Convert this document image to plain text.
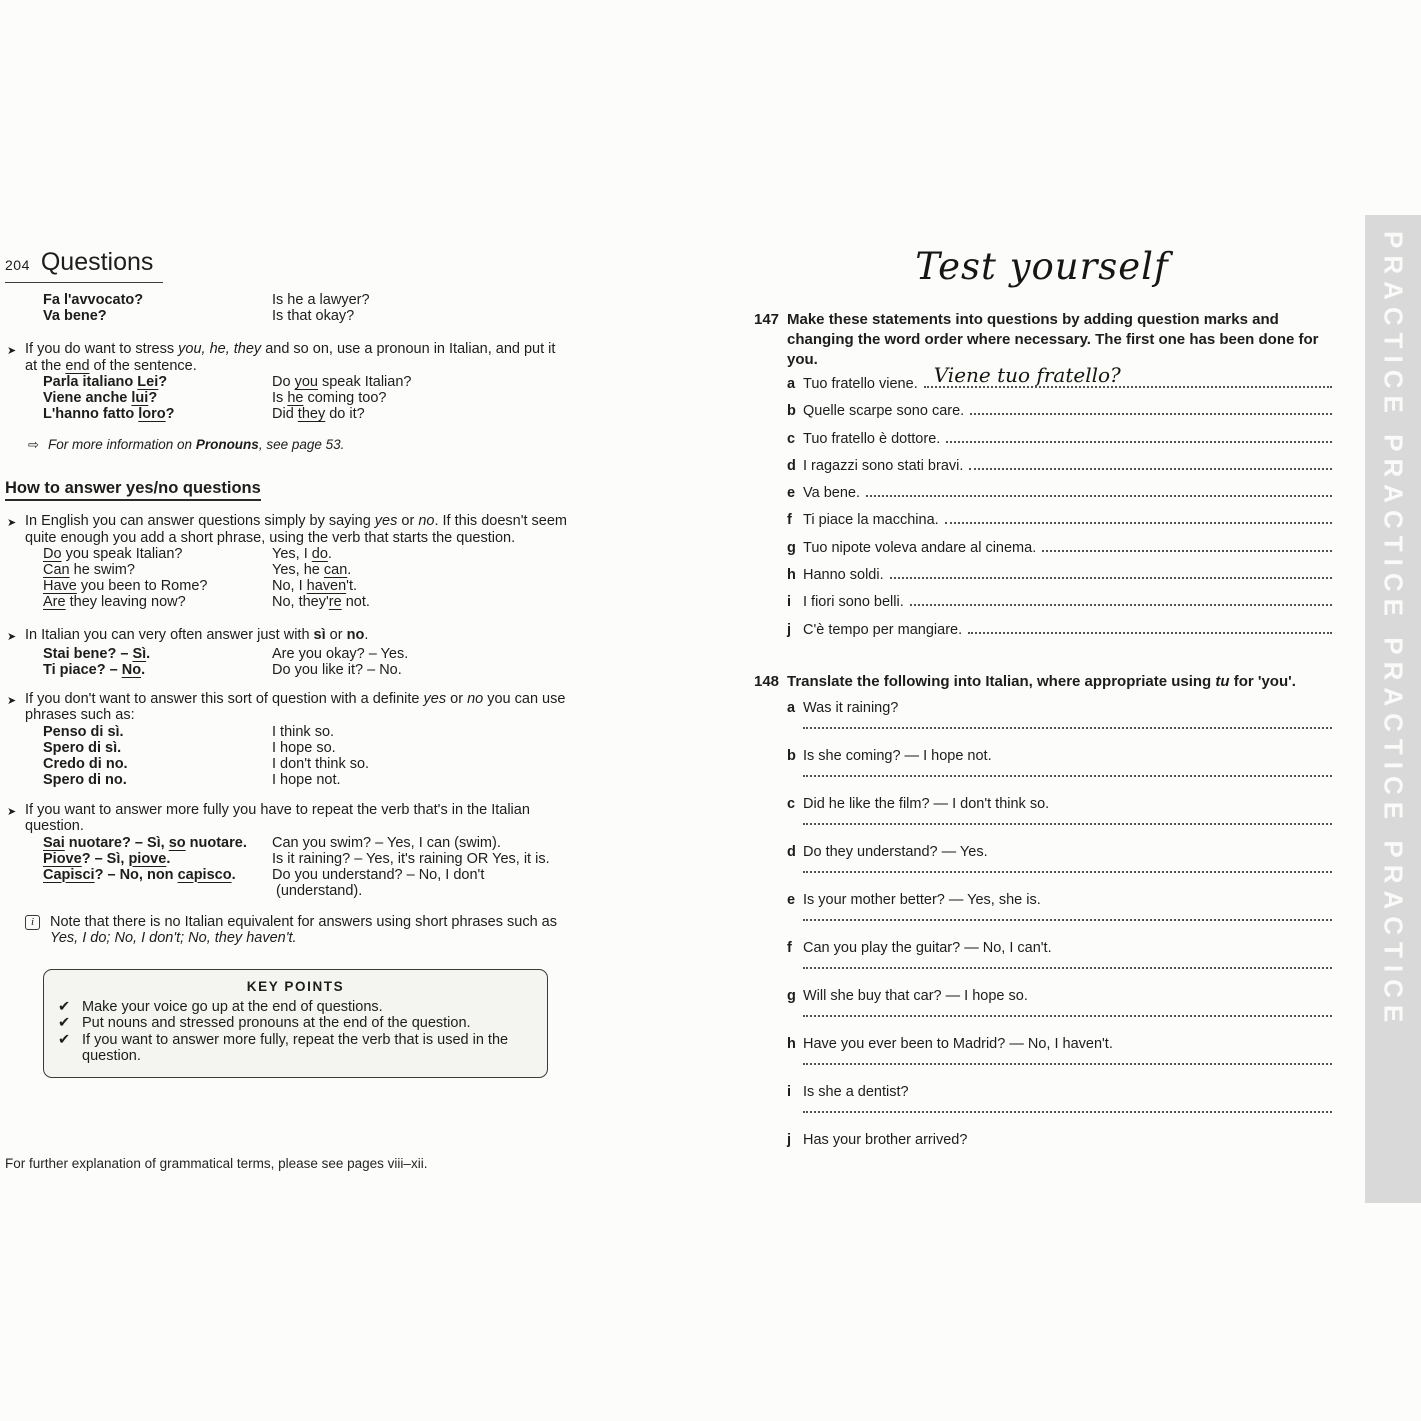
204 Questions
Fa l'avvocato?	Is he a lawyer?
Va bene?	Is that okay?
➤ If you do want to stress you, he, they and so on, use a pronoun in Italian, and put it at the end of the sentence.
Parla italiano Lei?	Do you speak Italian?
Viene anche lui?	Is he coming too?
L'hanno fatto loro?	Did they do it?
⇨ For more information on Pronouns, see page 53.
How to answer yes/no questions
➤ In English you can answer questions simply by saying yes or no. If this doesn't seem quite enough you add a short phrase, using the verb that starts the question.
Do you speak Italian?	Yes, I do.
Can he swim?	Yes, he can.
Have you been to Rome?	No, I haven't.
Are they leaving now?	No, they're not.
➤ In Italian you can very often answer just with sì or no.
Stai bene? – Sì.	Are you okay? – Yes.
Ti piace? – No.	Do you like it? – No.
➤ If you don't want to answer this sort of question with a definite yes or no you can use phrases such as:
Penso di sì.	I think so.
Spero di sì.	I hope so.
Credo di no.	I don't think so.
Spero di no.	I hope not.
➤ If you want to answer more fully you have to repeat the verb that's in the Italian question.
Sai nuotare? – Sì, so nuotare.	Can you swim? – Yes, I can (swim).
Piove? – Sì, piove.	Is it raining? – Yes, it's raining OR Yes, it is.
Capisci? – No, non capisco.	Do you understand? – No, I don't
(understand).
i	Note that there is no Italian equivalent for answers using short phrases such as Yes, I do; No, I don't; No, they haven't.
KEY POINTS
✔ Make your voice go up at the end of questions.
✔ Put nouns and stressed pronouns at the end of the question.
✔ If you want to answer more fully, repeat the verb that is used in the question.
For further explanation of grammatical terms, please see pages viii–xii.
Test yourself
147 Make these statements into questions by adding question marks and changing the word order where necessary. The first one has been done for you.
a Tuo fratello viene. Viene tuo fratello?
b Quelle scarpe sono care.
c Tuo fratello è dottore.
d I ragazzi sono stati bravi.
e Va bene.
f Ti piace la macchina.
g Tuo nipote voleva andare al cinema.
h Hanno soldi.
i I fiori sono belli.
j C'è tempo per mangiare.
148 Translate the following into Italian, where appropriate using tu for 'you'.
a Was it raining?
b Is she coming? — I hope not.
c Did he like the film? — I don't think so.
d Do they understand? — Yes.
e Is your mother better? — Yes, she is.
f Can you play the guitar? — No, I can't.
g Will she buy that car? — I hope so.
h Have you ever been to Madrid? — No, I haven't.
i Is she a dentist?
j Has your brother arrived?
PRACTICE PRACTICE PRACTICE PRACTICE
